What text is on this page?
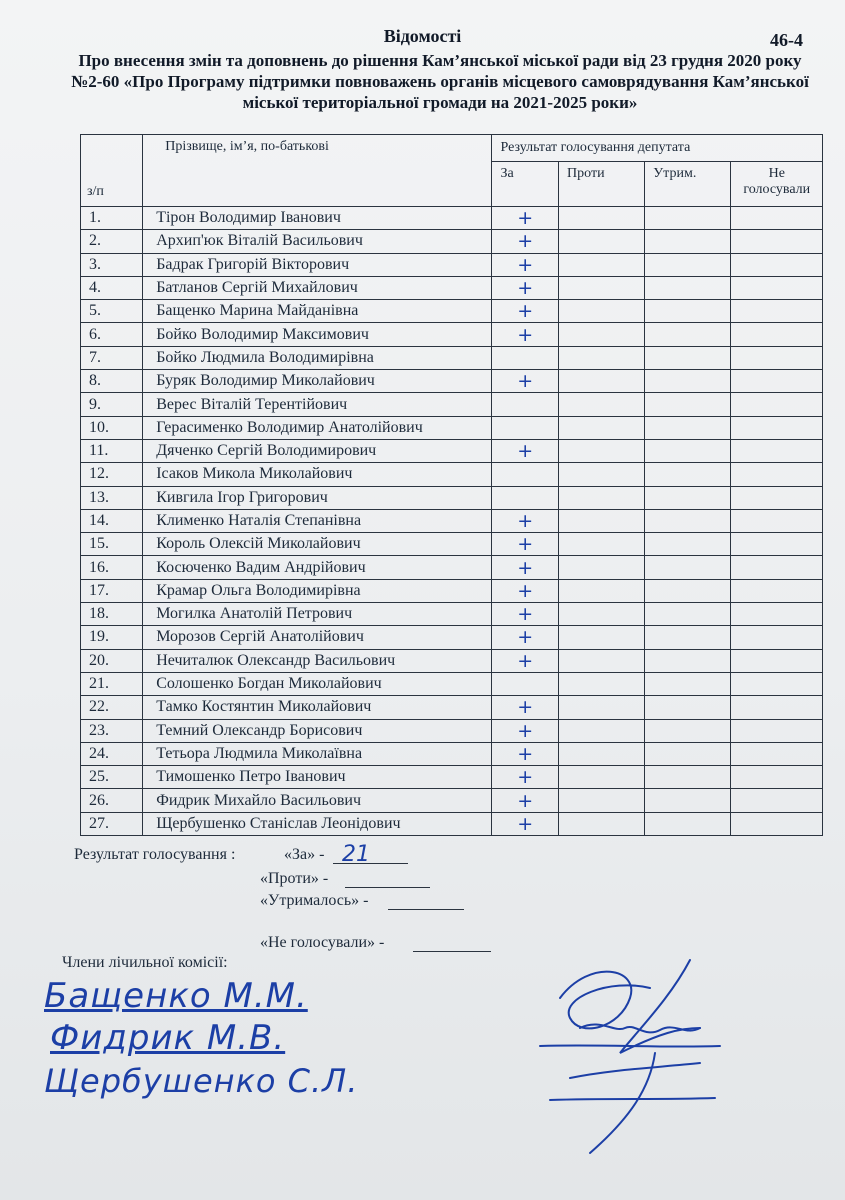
Відомості	46-4
Про внесення змін та доповнень до рішення Кам’янської міської ради від 23 грудня 2020 року №2-60 «Про Програму підтримки повноважень органів місцевого самоврядування Кам’янської міської територіальної громади на 2021-2025 роки»
з/п	Прізвище, ім’я, по-батькові	Результат голосування депутата			
		За	Проти	Утрим.	Не голосували
1.	Тірон Володимир Іванович	+			
2.	Архип'юк Віталій Васильович	+			
3.	Бадрак Григорій Вікторович	+			
4.	Батланов Сергій Михайлович	+			
5.	Бащенко Марина Майданівна	+			
6.	Бойко Володимир Максимович	+			
7.	Бойко Людмила Володимирівна				
8.	Буряк Володимир Миколайович	+			
9.	Верес Віталій Терентійович				
10.	Герасименко Володимир Анатолійович				
11.	Дяченко Сергій Володимирович	+			
12.	Ісаков Микола Миколайович				
13.	Кивгила Ігор Григорович				
14.	Клименко Наталія Степанівна	+			
15.	Король Олексій Миколайович	+			
16.	Косюченко Вадим Андрійович	+			
17.	Крамар Ольга Володимирівна	+			
18.	Могилка Анатолій Петрович	+			
19.	Морозов Сергій Анатолійович	+			
20.	Нечиталюк Олександр Васильович	+			
21.	Солошенко Богдан Миколайович				
22.	Тамко Костянтин Миколайович	+			
23.	Темний Олександр Борисович	+			
24.	Тетьора Людмила Миколаївна	+			
25.	Тимошенко Петро Іванович	+			
26.	Фидрик Михайло Васильович	+			
27.	Щербушенко Станіслав Леонідович	+			
Результат голосування :	«За» - 21
«Проти» -
«Утрималось» -
«Не голосували» -
Члени лічильної комісії:
Бащенко М.М.
Фидрик М.В.
Щербушенко С.Л.
